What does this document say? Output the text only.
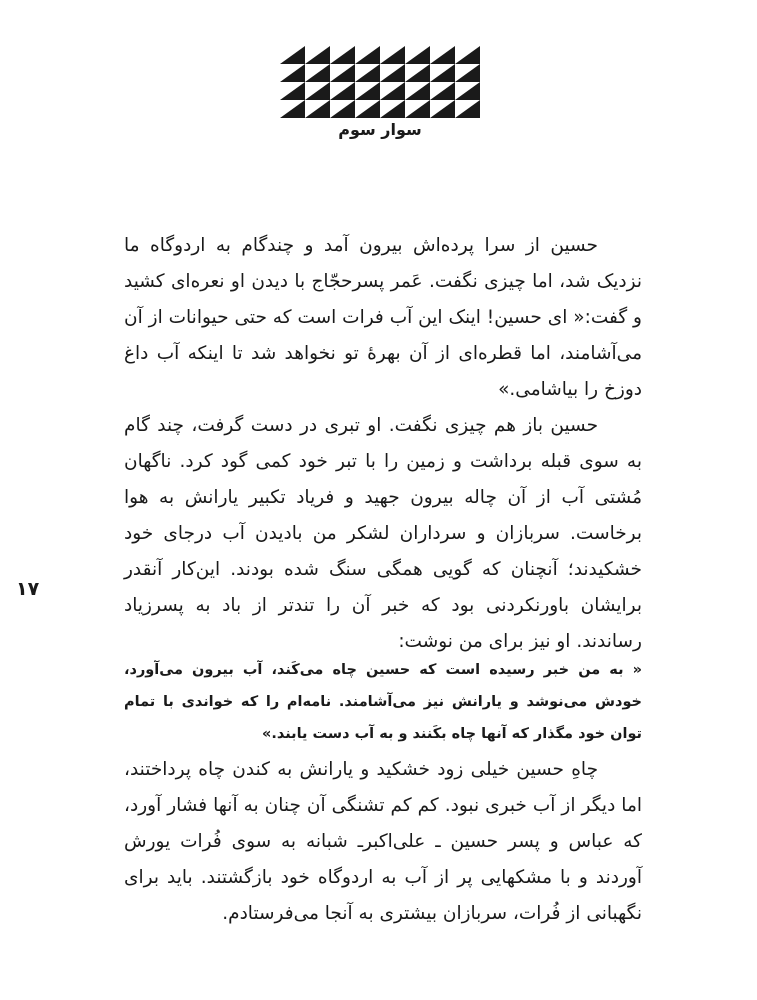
سوار سوم
۱۷

حسین از سرا پرده‌اش بیرون آمد و چندگام به اردوگاه ما نزدیک شد، اما چیزی نگفت. عَمر پسرحجّاج با دیدن او نعره‌ای کشید و گفت:« ای حسین! اینک این آب فرات است که حتی حیوانات از آن می‌آشامند، اما قطره‌ای از آن بهرهٔ تو نخواهد شد تا اینکه آب داغ دوزخ را بیاشامی.»

حسین باز هم چیزی نگفت. او تبری در دست گرفت، چند گام به سوی قبله برداشت و زمین را با تبر خود کمی گود کرد. ناگهان مُشتی آب از آن چاله بیرون جهید و فریاد تکبیر یارانش به هوا برخاست. سربازان و سرداران لشکر من بادیدن آب درجای خود خشکیدند؛ آنچنان که گویی همگی سنگ شده بودند. این‌کار آنقدر برایشان باورنکردنی بود که خبر آن را تندتر از باد به پسرزیاد رساندند. او نیز برای من نوشت:

« به من خبر رسیده است که حسین چاه می‌کَند، آب بیرون می‌آورد، خودش می‌نوشد و یارانش نیز می‌آشامند. نامه‌ام را که خواندی با تمام توان خود مگذار که آنها چاه بکَنند و به آب دست یابند.»

چاهِ حسین خیلی زود خشکید و یارانش به کندن چاه پرداختند، اما دیگر از آب خبری نبود. کم کم تشنگی آن چنان به آنها فشار آورد، که عباس و پسر حسین ـ علی‌اکبرـ شبانه به سوی فُرات یورش آوردند و با مشکهایی پر از آب به اردوگاه خود بازگشتند. باید برای نگهبانی از فُرات، سربازان بیشتری به آنجا می‌فرستادم.
